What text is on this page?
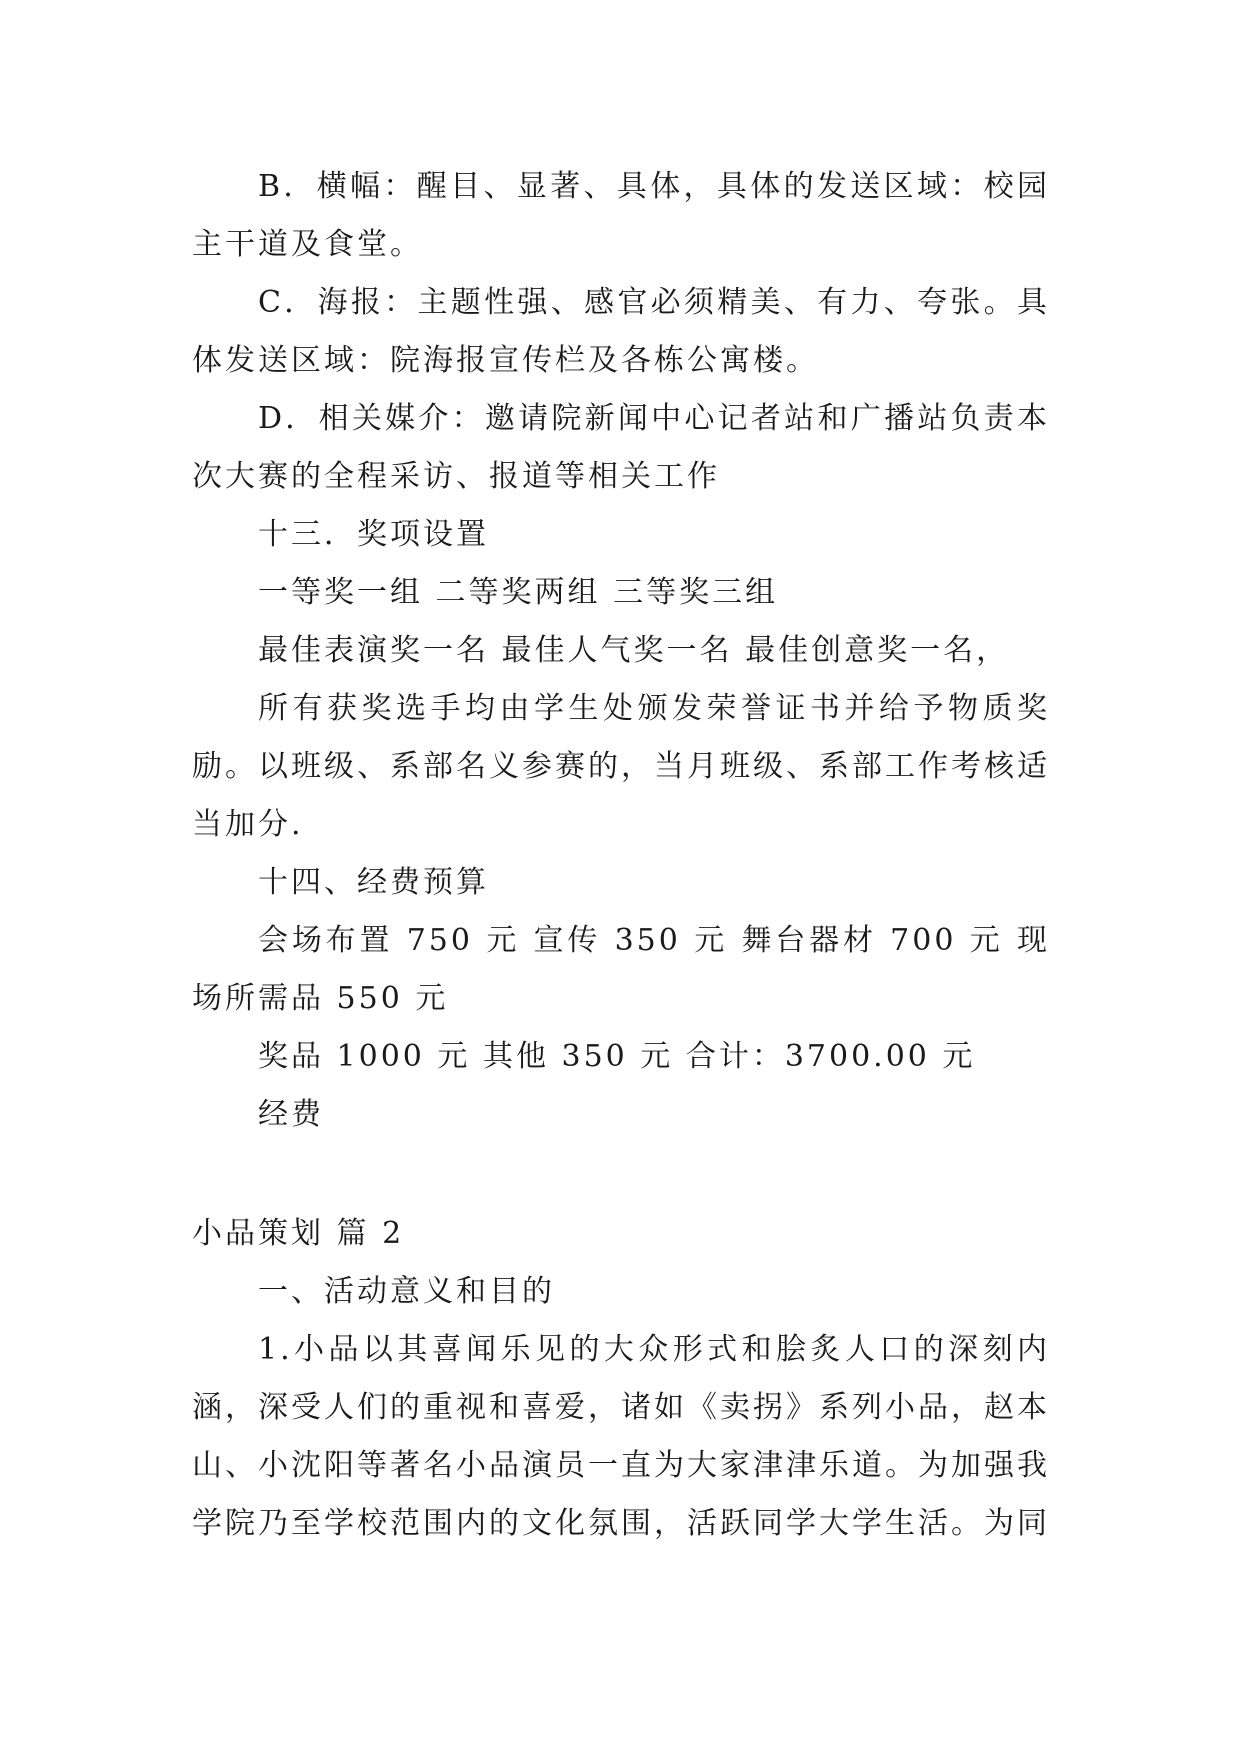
B．横幅：醒目、显著、具体，具体的发送区域：校园主干道及食堂。

C．海报：主题性强、感官必须精美、有力、夸张。具体发送区域：院海报宣传栏及各栋公寓楼。

D．相关媒介：邀请院新闻中心记者站和广播站负责本次大赛的全程采访、报道等相关工作

十三．奖项设置

一等奖一组 二等奖两组 三等奖三组

最佳表演奖一名 最佳人气奖一名 最佳创意奖一名，

所有获奖选手均由学生处颁发荣誉证书并给予物质奖励。以班级、系部名义参赛的，当月班级、系部工作考核适当加分.

十四、经费预算

会场布置 750 元 宣传 350 元 舞台器材 700 元 现场所需品 550 元

奖品 1000 元 其他 350 元 合计：3700.00 元

经费

小品策划 篇 2

一、活动意义和目的

1.小品以其喜闻乐见的大众形式和脍炙人口的深刻内涵，深受人们的重视和喜爱，诸如《卖拐》系列小品，赵本山、小沈阳等著名小品演员一直为大家津津乐道。为加强我学院乃至学校范围内的文化氛围，活跃同学大学生活。为同
